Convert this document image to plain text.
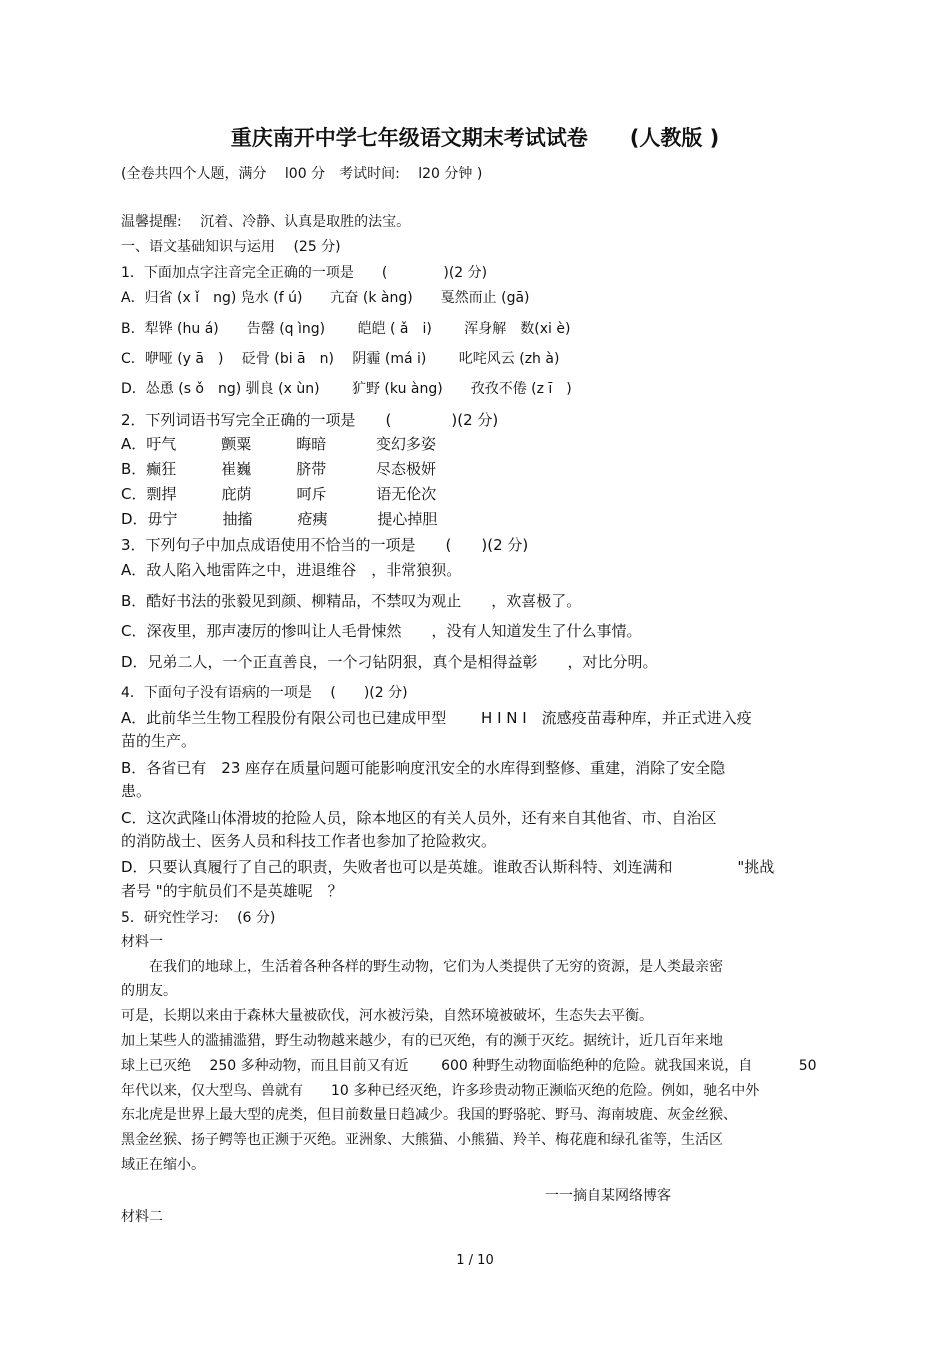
重庆南开中学七年级语文期末考试试卷　　(人教版 )
(全卷共四个人题，满分　 l00 分　考试时间:　 l20 分钟 )
温馨提醒:　 沉着、冷静、认真是取胜的法宝。
一、语文基础知识与运用　 (25 分)
1．下面加点字注音完全正确的一项是　　(　　　　)(2 分)
A．归省 (x ǐ　ng) 凫水 (f ú)　　亢奋 (k àng)　　戛然而止 (gā)
B．犁铧 (hu á)　　告罄 (q ìng)　　 皑皑 ( ǎ　i)　　 浑身解　数(xi è)
C．咿哑 (y ā　)　 砭骨 (bi ā　n)　 阴霾 (má i)　　 叱咤风云 (zh à)
D．怂恿 (s ǒ　ng) 驯良 (x ùn)　　 犷野 (ku àng)　　孜孜不倦 (z ī　)
2．下列词语书写完全正确的一项是　　(　　　　)(2 分)
A．吁气　　　颤粟　　　晦暗　　　 变幻多姿
B．癫狂　　　崔巍　　　脐带　　　 尽态极妍
C．剽捍　　　庇荫　　　呵斥　　　 语无伦次
D．毋宁　　　抽搐　　　疮痍　　　 提心掉胆
3．下列句子中加点成语使用不恰当的一项是　　(　　)(2 分)
A．敌人陷入地雷阵之中，进退维谷　，非常狼狈。
B．酷好书法的张毅见到颜、柳精品，不禁叹为观止　　，欢喜极了。
C．深夜里，那声凄厉的惨叫让人毛骨悚然　　，没有人知道发生了什么事情。
D．兄弟二人，一个正直善良，一个刁钻阴狠，真个是相得益彰　　，对比分明。
4．下面句子没有语病的一项是　 (　　)(2 分)
A．此前华兰生物工程股份有限公司也已建成甲型　　 H I N I　流感疫苗毒种库，并正式进入疫
苗的生产。
B．各省已有　23 座存在质量问题可能影响度汛安全的水库得到整修、重建，消除了安全隐
患。
C．这次武隆山体滑坡的抢险人员，除本地区的有关人员外，还有来自其他省、市、自治区
的消防战士、医务人员和科技工作者也参加了抢险救灾。
D．只要认真履行了自己的职责，失败者也可以是英雄。谁敢否认斯科特、刘连满和　　　　 "挑战
者号 "的宇航员们不是英雄呢　？
5．研究性学习:　 (6 分)
材料一
　　在我们的地球上，生活着各种各样的野生动物，它们为人类提供了无穷的资源，是人类最亲密
的朋友。
可是，长期以来由于森林大量被砍伐，河水被污染，自然环境被破坏，生态失去平衡。
加上某些人的滥捕滥猎，野生动物越来越少，有的已灭绝，有的濒于灭纥。据统计，近几百年来地
球上已灭绝　 250 多种动物，而且目前又有近　　 600 种野生动物面临绝种的危险。就我国来说，自　　　 50
年代以来，仅大型鸟、兽就有　　10 多种已经灭绝，许多珍贵动物正濒临灭绝的危险。例如，驰名中外
东北虎是世界上最大型的虎类，但目前数量日趋减少。我国的野骆驼、野马、海南坡鹿、灰金丝猴、
黑金丝猴、扬子鳄等也正濒于灭绝。亚洲象、大熊猫、小熊猫、羚羊、梅花鹿和绿孔雀等，生活区
域正在缩小。
一一摘自某网络博客
材料二
1 / 10
